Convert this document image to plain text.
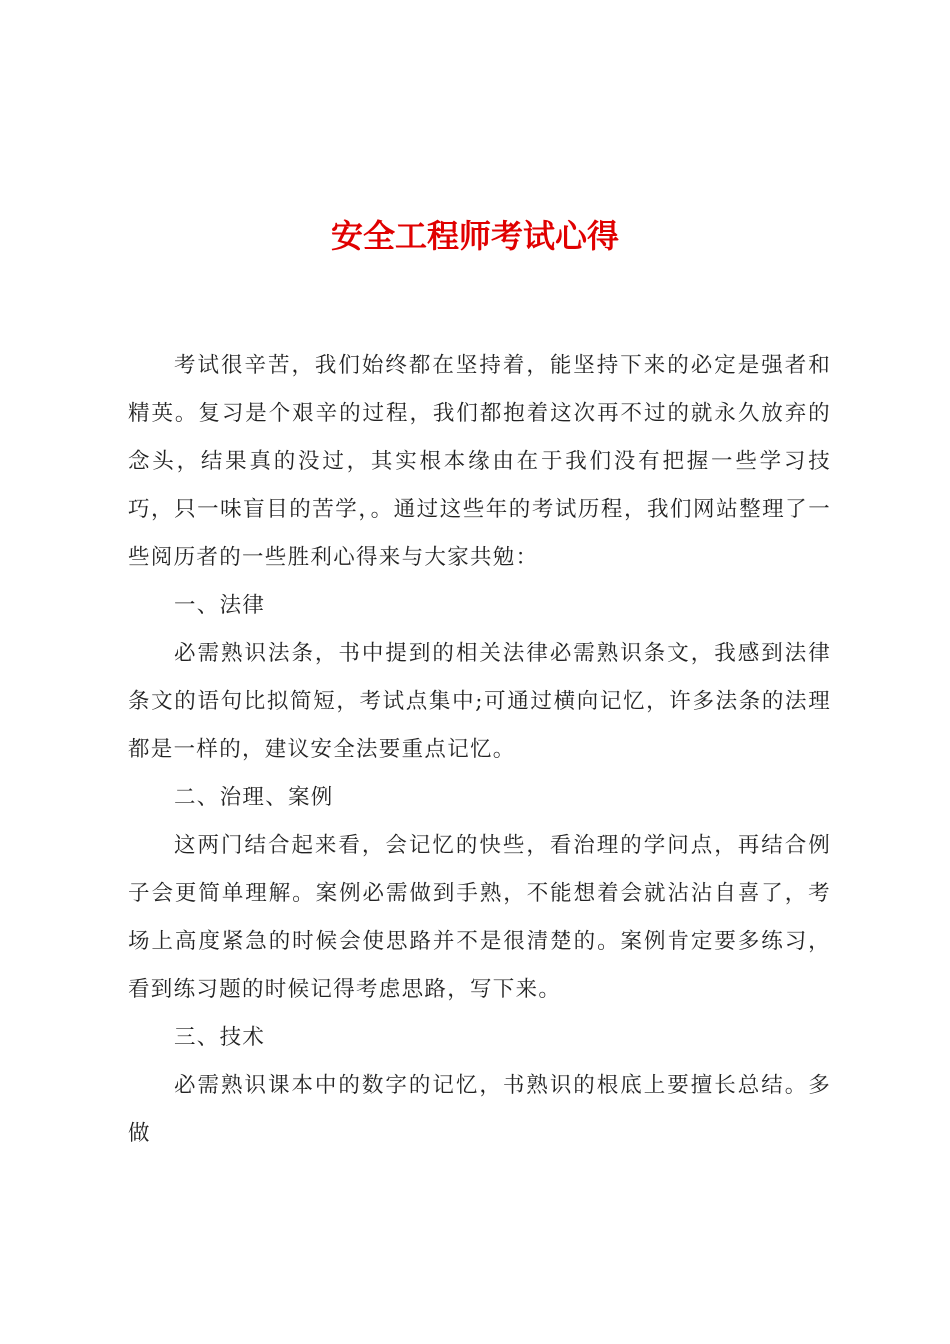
安全工程师考试心得

考试很辛苦，我们始终都在坚持着，能坚持下来的必定是强者和精英。复习是个艰辛的过程，我们都抱着这次再不过的就永久放弃的念头，结果真的没过，其实根本缘由在于我们没有把握一些学习技巧，只一味盲目的苦学，。通过这些年的考试历程，我们网站整理了一些阅历者的一些胜利心得来与大家共勉：

一、法律

必需熟识法条，书中提到的相关法律必需熟识条文，我感到法律条文的语句比拟简短，考试点集中;可通过横向记忆，许多法条的法理都是一样的，建议安全法要重点记忆。

二、治理、案例

这两门结合起来看，会记忆的快些，看治理的学问点，再结合例子会更简单理解。案例必需做到手熟，不能想着会就沾沾自喜了，考场上高度紧急的时候会使思路并不是很清楚的。案例肯定要多练习，看到练习题的时候记得考虑思路，写下来。

三、技术

必需熟识课本中的数字的记忆，书熟识的根底上要擅长总结。多做
